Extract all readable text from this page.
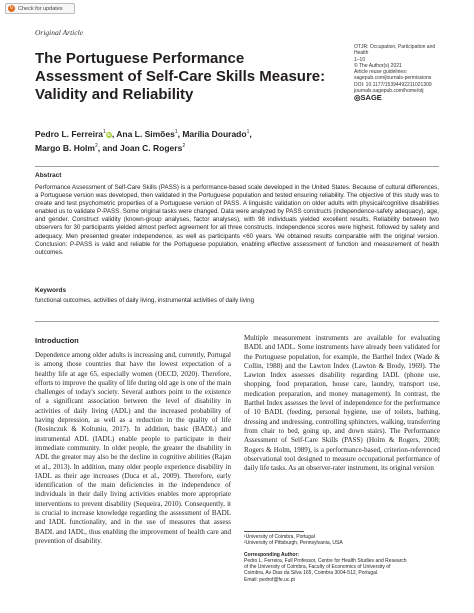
↻ Check for updates
Original Article
The Portuguese Performance Assessment of Self-Care Skills Measure: Validity and Reliability
OTJR: Occupation, Participation and
Health
1–10
© The Author(s) 2021
Article reuse guidelines:
sagepub.com/journals-permissions
DOI: 10.1177/15394492211021309
journals.sagepub.com/home/otj
◎SAGE
Pedro L. Ferreira$^1$iD, Ana L. Simões$^1$, Marília Dourado$^1$,
Margo B. Holm$^2$, and Joan C. Rogers$^2$
Abstract

Performance Assessment of Self-Care Skills (PASS) is a performance-based scale developed in the United States. Because of cultural differences, a Portuguese version was developed, then validated in the Portuguese population and tested ensuring reliability. The objective of this study was to create and test psychometric properties of a Portuguese version of PASS. A linguistic validation on older adults with physical/cognitive disabilities enabled us to validate P-PASS. Some original tasks were changed. Data were analyzed by PASS constructs (independence-safety adequacy), age, and gender. Construct validity (known-group analyses, factor analyses), with 98 individuals yielded excellent results. Reliability between two observers for 30 participants yielded almost perfect agreement for all three constructs. Independence scores were highest, followed by safety and adequacy. Men presented greater independence, as well as participants <60 years. We obtained results comparable with the original version. Conclusion: P-PASS is valid and reliable for the Portuguese population, enabling effective assessment of function and measurement of health outcomes.

Keywords
functional outcomes, activities of daily living, instrumental activities of daily living
Introduction

Dependence among older adults is increasing and, currently, Portugal is among those countries that have the lowest expectation of a healthy life at age 65, especially women (OECD, 2020). Therefore, efforts to improve the quality of life during old age is one of the main challenges of today's society. Several authors point to the existence of a significant association between the level of disability in activities of daily living (ADL) and the increased probability of having depression, as well as a reduction in the quality of life (Rosinczuk & Koltuniu, 2017). In addition, basic (BADL) and instrumental ADL (IADL) enable people to participate in their immediate community. In older people, the greater the disability in ADL the greater may also be the decline in cognitive abilities (Rajan et al., 2013). In addition, many older people experience disability in IADL as their age increases (Duca et al., 2009). Therefore, early identification of the main deficiencies in the independence of individuals in their daily living activities enables more appropriate interventions to prevent disability (Sequeira, 2010). Consequently, it is crucial to increase knowledge regarding the assessment of BADL and IADL functionality, and in the use of measures that assess BADL and IADL, thus enabling the improvement of health care and prevention of disability.

Multiple measurement instruments are available for evaluating BADL and IADL. Some instruments have already been validated for the Portuguese population, for example, the Barthel Index (Wade & Collin, 1988) and the Lawton Index (Lawton & Brody, 1969). The Lawton Index assesses disability regarding IADL (phone use, shopping, food preparation, house care, laundry, transport use, medication preparation, and money management). In contrast, the Barthel Index assesses the level of independence for the performance of 10 BADL (feeding, personal hygiene, use of toilets, bathing, dressing and undressing, controlling sphincters, walking, transferring from chair to bed, going up, and down stairs). The Performance Assessment of Self-Care Skills (PASS) (Holm & Rogers, 2008; Rogers & Holm, 1989), is a performance-based, criterion-referenced observational tool designed to measure occupational performance of daily life tasks. As an observer-rater instrument, its original version

¹University of Coimbra, Portugal
²University of Pittsburgh, Pennsylvania, USA
Corresponding Author:
Pedro L. Ferreira, Full Professor, Centre for Health Studies and Research
of the University of Coimbra, Faculty of Economics of University of
Coimbra, Av Dias da Silva 165, Coimbra 3004-512, Portugal.
Email: pedrof@fe.uc.pt
